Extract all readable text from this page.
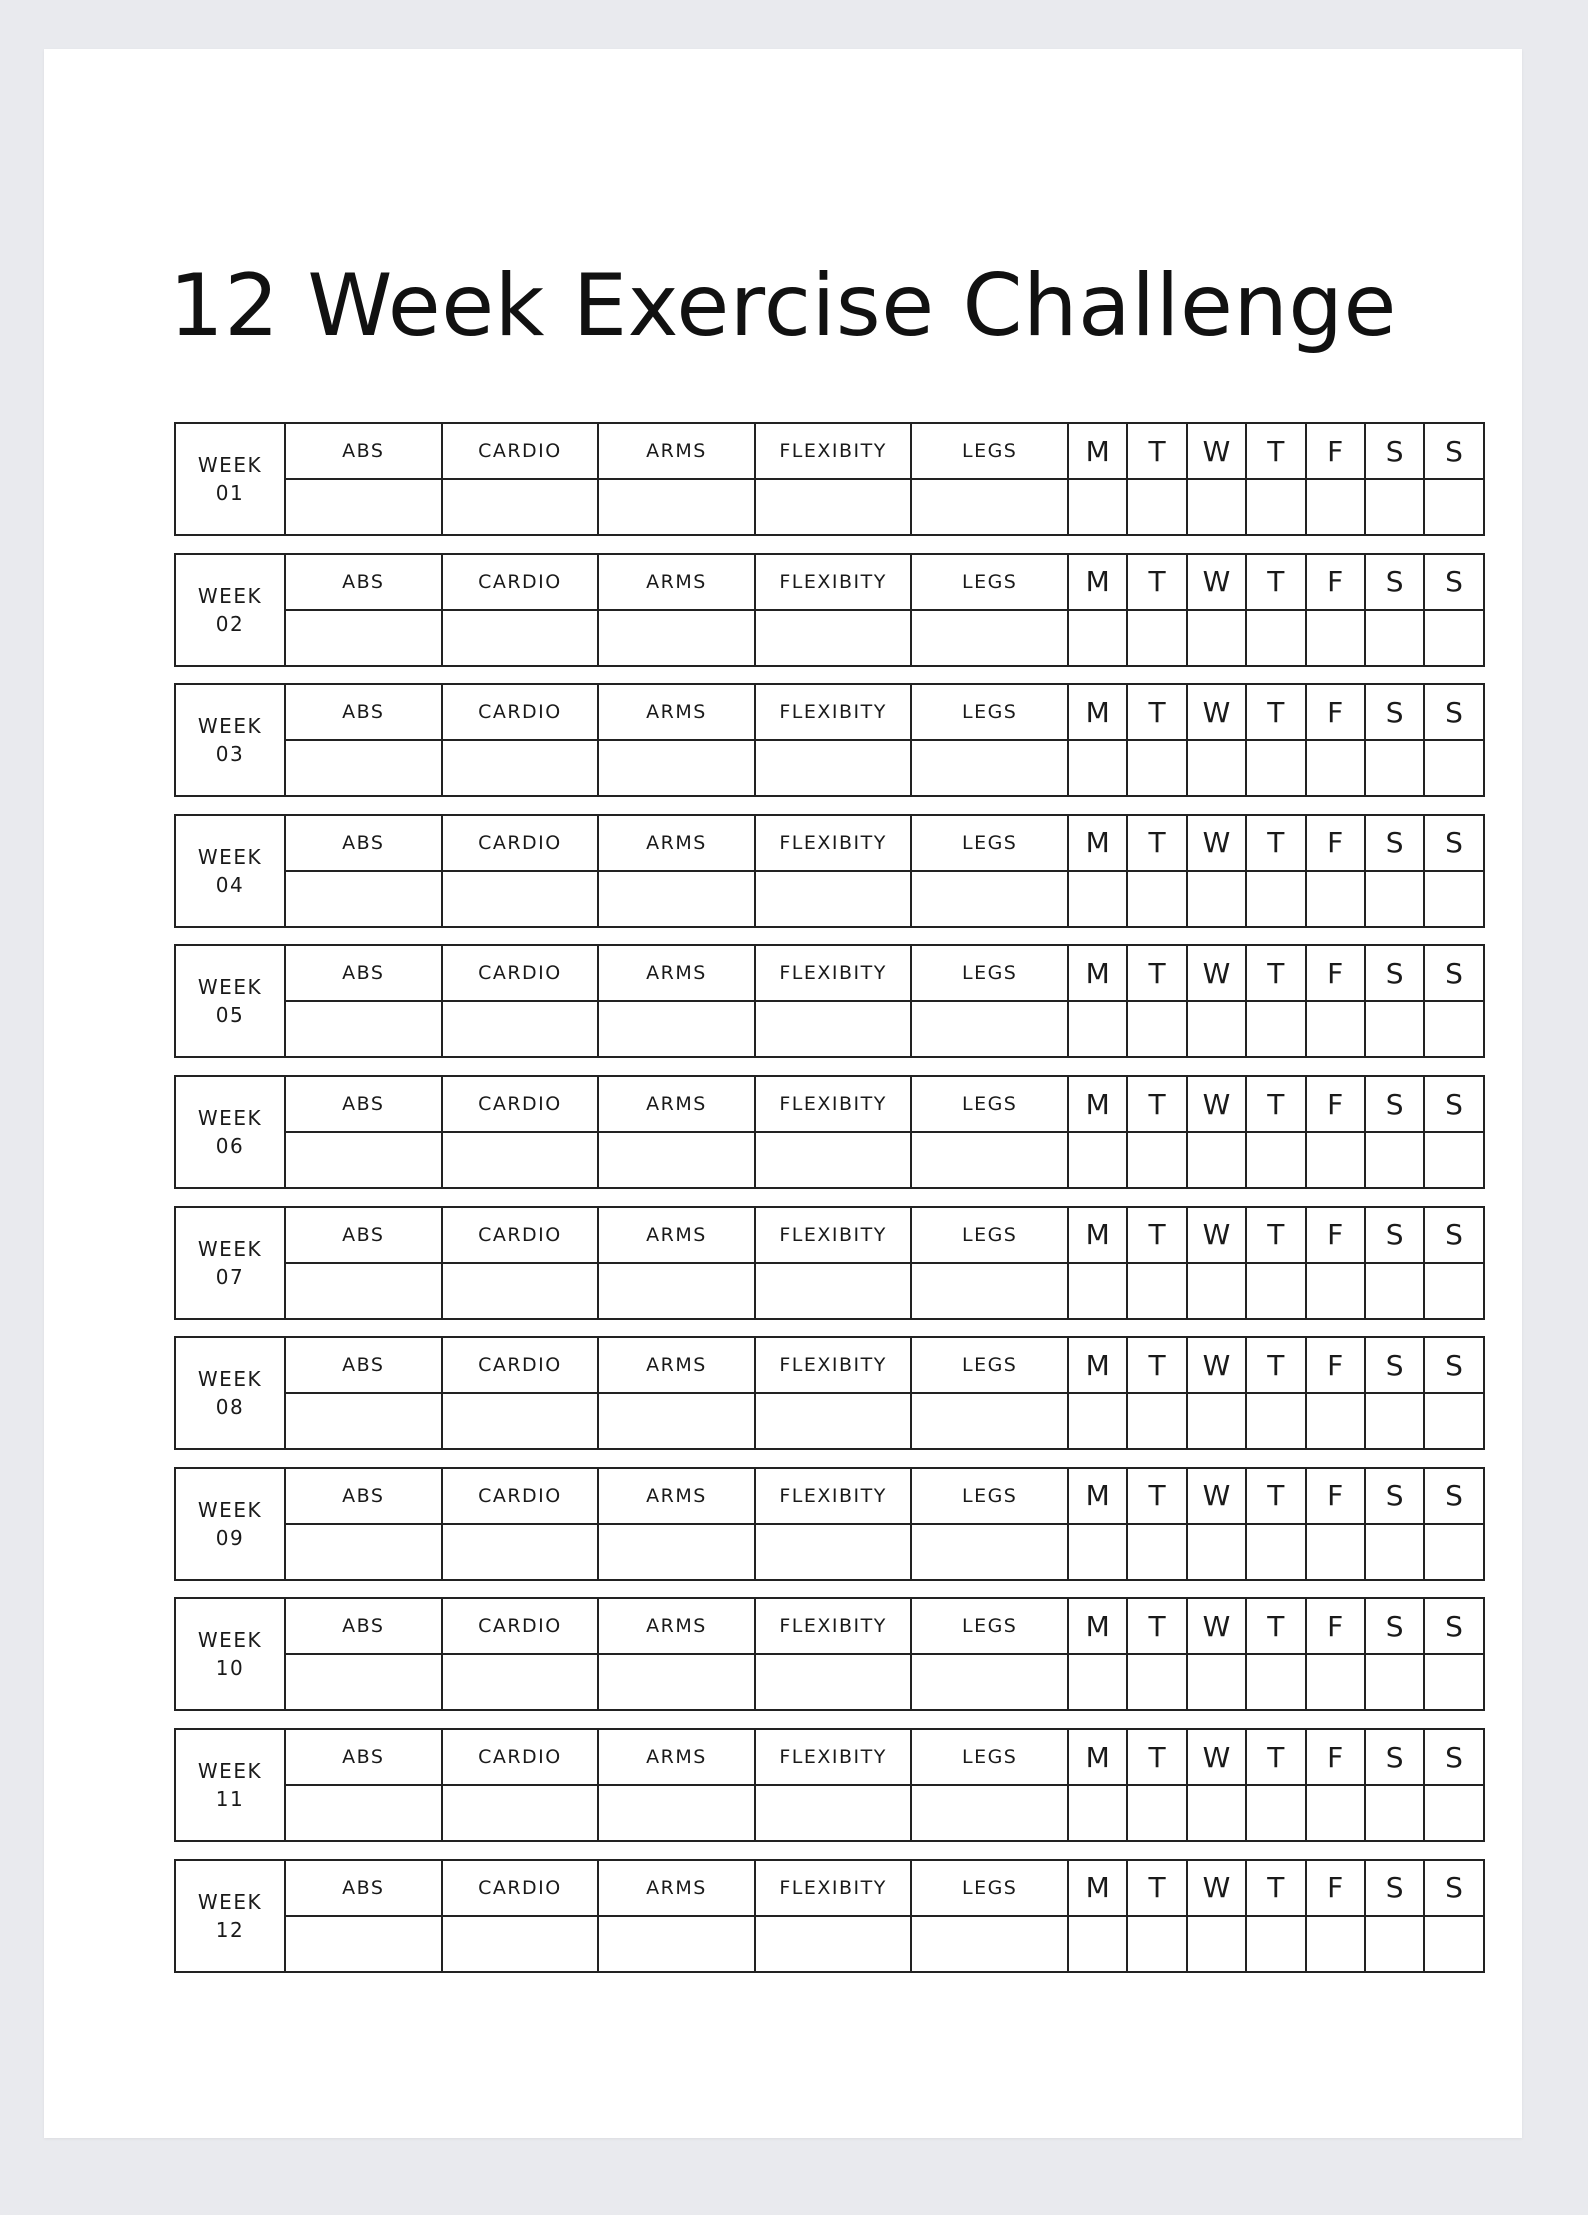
12 Week Exercise Challenge
WEEK
01	ABS	CARDIO	ARMS	FLEXIBITY	LEGS	M	T	W	T	F	S	S

WEEK
02	ABS	CARDIO	ARMS	FLEXIBITY	LEGS	M	T	W	T	F	S	S

WEEK
03	ABS	CARDIO	ARMS	FLEXIBITY	LEGS	M	T	W	T	F	S	S

WEEK
04	ABS	CARDIO	ARMS	FLEXIBITY	LEGS	M	T	W	T	F	S	S

WEEK
05	ABS	CARDIO	ARMS	FLEXIBITY	LEGS	M	T	W	T	F	S	S

WEEK
06	ABS	CARDIO	ARMS	FLEXIBITY	LEGS	M	T	W	T	F	S	S

WEEK
07	ABS	CARDIO	ARMS	FLEXIBITY	LEGS	M	T	W	T	F	S	S

WEEK
08	ABS	CARDIO	ARMS	FLEXIBITY	LEGS	M	T	W	T	F	S	S

WEEK
09	ABS	CARDIO	ARMS	FLEXIBITY	LEGS	M	T	W	T	F	S	S

WEEK
10	ABS	CARDIO	ARMS	FLEXIBITY	LEGS	M	T	W	T	F	S	S

WEEK
11	ABS	CARDIO	ARMS	FLEXIBITY	LEGS	M	T	W	T	F	S	S

WEEK
12	ABS	CARDIO	ARMS	FLEXIBITY	LEGS	M	T	W	T	F	S	S
